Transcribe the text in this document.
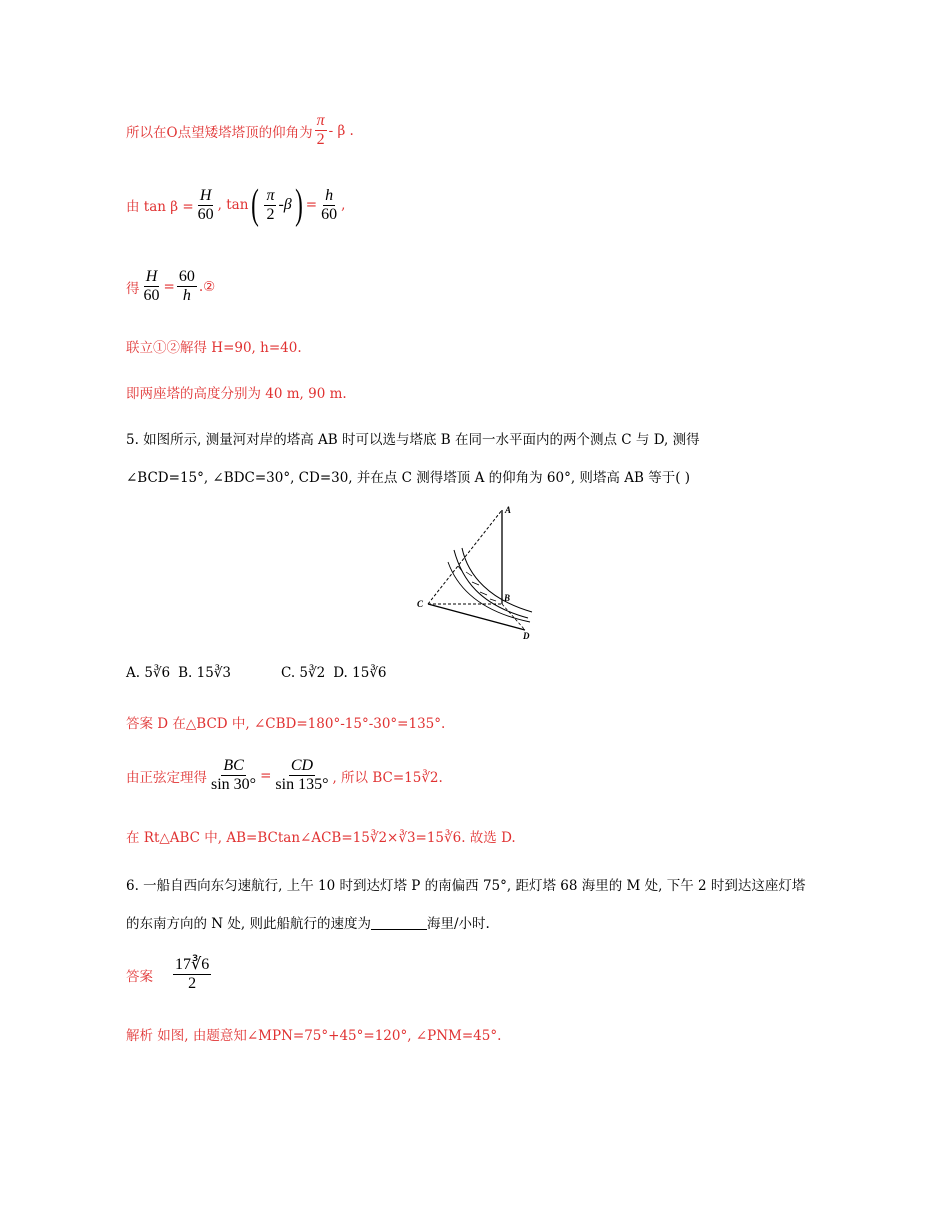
所以在O点望矮塔塔顶的仰角为 $\frac{\pi}{2}$ - β .
由 $\tan \beta = \frac{H}{60}$ , tan ( $\frac{\pi}{2} -\beta$ ) = $\frac{h}{60}$ ,
得 $\frac{H}{60} = \frac{60}{h}$ .②
联立①②解得 H=90, h=40.
即两座塔的高度分别为 40 m, 90 m.
5. 如图所示, 测量河对岸的塔高 AB 时可以选与塔底 B 在同一水平面内的两个测点 C 与 D, 测得
∠BCD=15°, ∠BDC=30°, CD=30, 并在点 C 测得塔顶 A 的仰角为 60°, 则塔高 AB 等于( )
A
B
C
D
A. 5∛6 B. 15∛3	C. 5∛2 D. 15∛6
答案 D 在△BCD 中, ∠CBD=180°-15°-30°=135°.
由正弦定理得 $\frac{BC}{\sin 30^\circ} = \frac{CD}{\sin 135^\circ}$ , 所以 BC=15∛2.
在 Rt△ABC 中, AB=BCtan∠ACB=15∛2×∛3=15∛6. 故选 D.
6. 一船自西向东匀速航行, 上午 10 时到达灯塔 P 的南偏西 75°, 距灯塔 68 海里的 M 处, 下午 2 时到达这座灯塔
的东南方向的 N 处, 则此船航行的速度为	海里/小时.
答案 $\frac{17∛6}{2}$
解析 如图, 由题意知∠MPN=75°+45°=120°, ∠PNM=45°.
